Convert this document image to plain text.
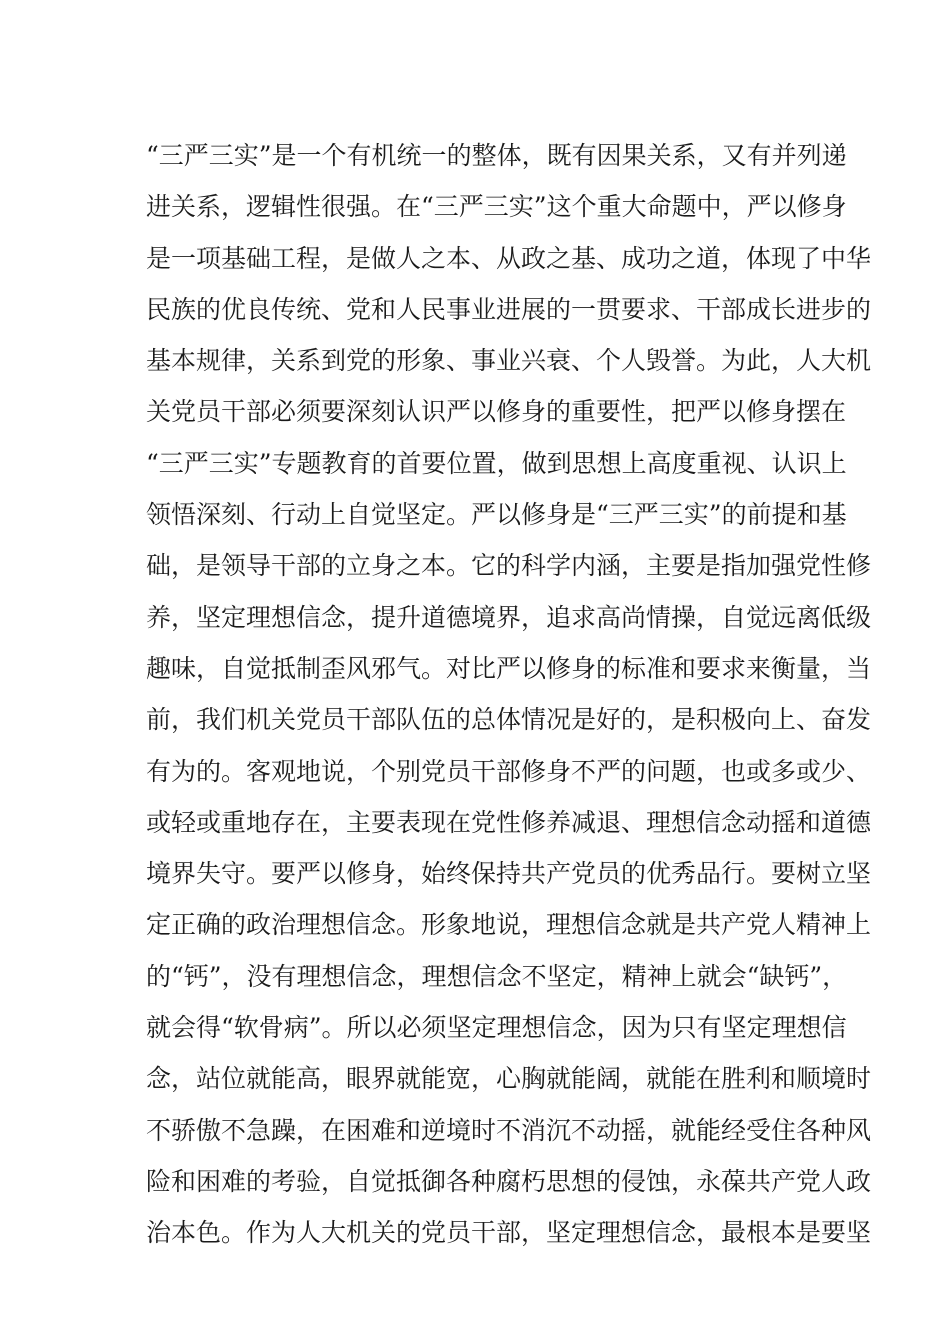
“三严三实”是一个有机统一的整体，既有因果关系，又有并列递
进关系，逻辑性很强。在“三严三实”这个重大命题中，严以修身
是一项基础工程，是做人之本、从政之基、成功之道，体现了中华
民族的优良传统、党和人民事业进展的一贯要求、干部成长进步的
基本规律，关系到党的形象、事业兴衰、个人毁誉。为此，人大机
关党员干部必须要深刻认识严以修身的重要性，把严以修身摆在
“三严三实”专题教育的首要位置，做到思想上高度重视、认识上
领悟深刻、行动上自觉坚定。严以修身是“三严三实”的前提和基
础，是领导干部的立身之本。它的科学内涵，主要是指加强党性修
养，坚定理想信念，提升道德境界，追求高尚情操，自觉远离低级
趣味，自觉抵制歪风邪气。对比严以修身的标准和要求来衡量，当
前，我们机关党员干部队伍的总体情况是好的，是积极向上、奋发
有为的。客观地说，个别党员干部修身不严的问题，也或多或少、
或轻或重地存在，主要表现在党性修养减退、理想信念动摇和道德
境界失守。要严以修身，始终保持共产党员的优秀品行。要树立坚
定正确的政治理想信念。形象地说，理想信念就是共产党人精神上
的“钙”，没有理想信念，理想信念不坚定，精神上就会“缺钙”，
就会得“软骨病”。所以必须坚定理想信念，因为只有坚定理想信
念，站位就能高，眼界就能宽，心胸就能阔，就能在胜利和顺境时
不骄傲不急躁，在困难和逆境时不消沉不动摇，就能经受住各种风
险和困难的考验，自觉抵御各种腐朽思想的侵蚀，永葆共产党人政
治本色。作为人大机关的党员干部，坚定理想信念，最根本是要坚
